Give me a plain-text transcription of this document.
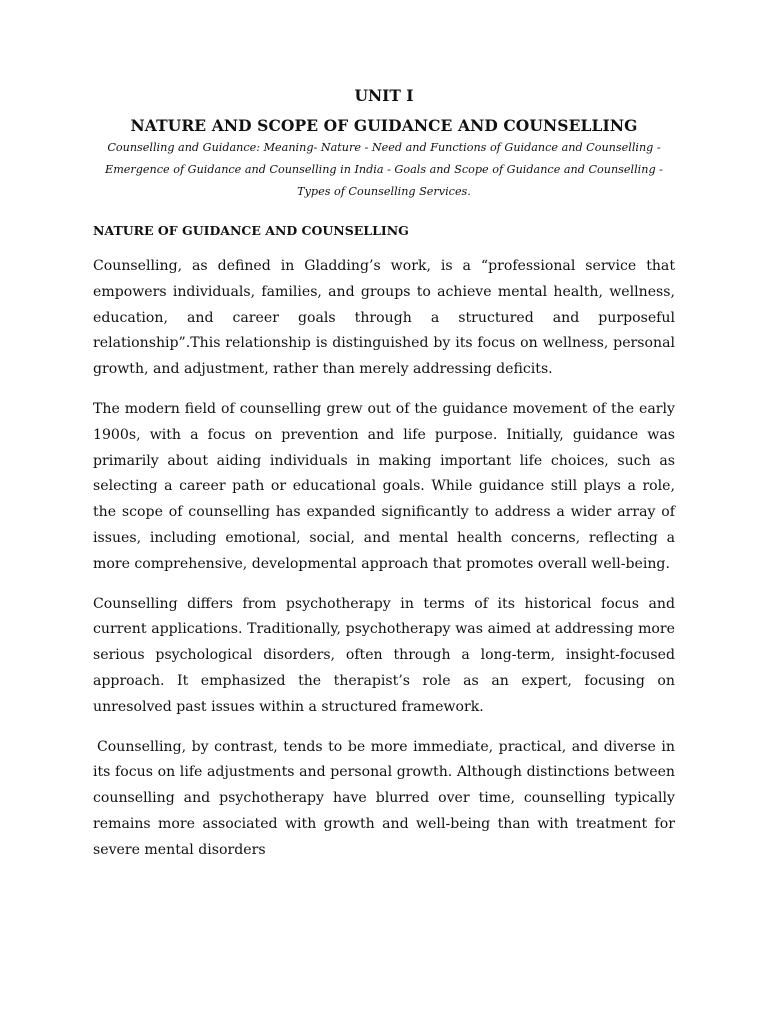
UNIT I
NATURE AND SCOPE OF GUIDANCE AND COUNSELLING

Counselling and Guidance: Meaning- Nature - Need and Functions of Guidance and Counselling - Emergence of Guidance and Counselling in India - Goals and Scope of Guidance and Counselling - Types of Counselling Services.

NATURE OF GUIDANCE AND COUNSELLING

Counselling, as defined in Gladding’s work, is a “professional service that empowers individuals, families, and groups to achieve mental health, wellness, education, and career goals through a structured and purposeful relationship”.This relationship is distinguished by its focus on wellness, personal growth, and adjustment, rather than merely addressing deficits.

The modern field of counselling grew out of the guidance movement of the early 1900s, with a focus on prevention and life purpose. Initially, guidance was primarily about aiding individuals in making important life choices, such as selecting a career path or educational goals. While guidance still plays a role, the scope of counselling has expanded significantly to address a wider array of issues, including emotional, social, and mental health concerns, reflecting a more comprehensive, developmental approach that promotes overall well-being.

Counselling differs from psychotherapy in terms of its historical focus and current applications. Traditionally, psychotherapy was aimed at addressing more serious psychological disorders, often through a long-term, insight-focused approach. It emphasized the therapist’s role as an expert, focusing on unresolved past issues within a structured framework.

Counselling, by contrast, tends to be more immediate, practical, and diverse in its focus on life adjustments and personal growth. Although distinctions between counselling and psychotherapy have blurred over time, counselling typically remains more associated with growth and well-being than with treatment for severe mental disorders
